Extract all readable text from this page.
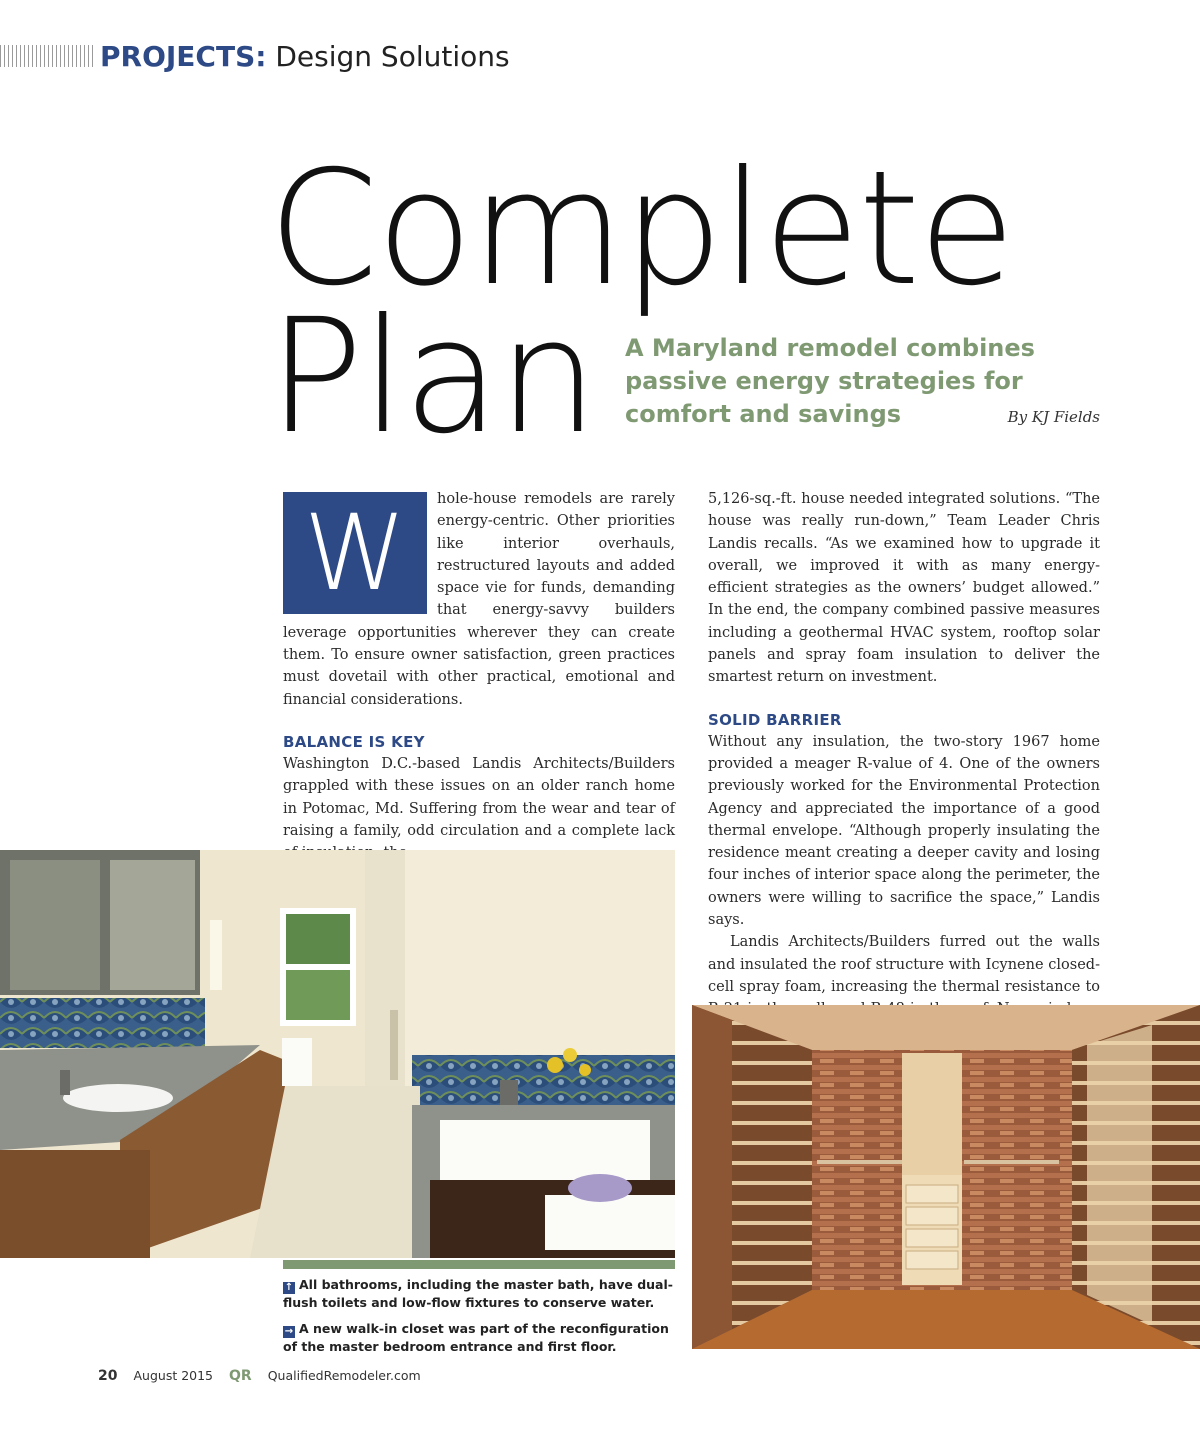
PROJECTS: Design Solutions
Complete
Plan A Maryland remodel combines passive energy strategies for comfort and savings	By KJ Fields
W	hole-house remodels are rarely energy-centric. Other priorities like interior overhauls, restructured layouts and added space vie for funds, demanding that energy-savvy builders leverage opportunities wherever they can create them. To ensure owner satisfaction, green practices must dovetail with other practical, emotional and financial considerations.

BALANCE IS KEY

Washington D.C.-based Landis Architects/Builders grappled with these issues on an older ranch home in Potomac, Md. Suffering from the wear and tear of raising a family, odd circulation and a complete lack

5,126-sq.-ft. house needed integrated solutions. “The house was really run-down,” Team Leader Chris Landis recalls. “As we examined how to upgrade it overall, we improved it with as many energy-efficient strategies as the owners’ budget allowed.” In the end, the company combined passive measures including a geothermal HVAC system, rooftop solar panels and spray foam insulation to deliver the smartest return on investment.

SOLID BARRIER

Without any insulation, the two-story 1967 home provided a meager R-value of 4. One of the owners previously worked for the Environmental Protection Agency and appreciated the importance of a good thermal envelope. “Although properly insulating the residence meant creating a deeper cavity and losing four inches of interior space along the perimeter, the owners were willing to sacrifice the space,” Landis says.

Landis Architects/Builders furred out the walls and insulated the roof structure with Icynene closed-cell spray foam, increasing the thermal resistance to

↑ All bathrooms, including the master bath, have dual-flush toilets and low-flow fixtures to conserve water.
→ A new walk-in closet was part of the reconfiguration of the master bedroom entrance and first floor.
20 August 2015 QR QualifiedRemodeler.com
